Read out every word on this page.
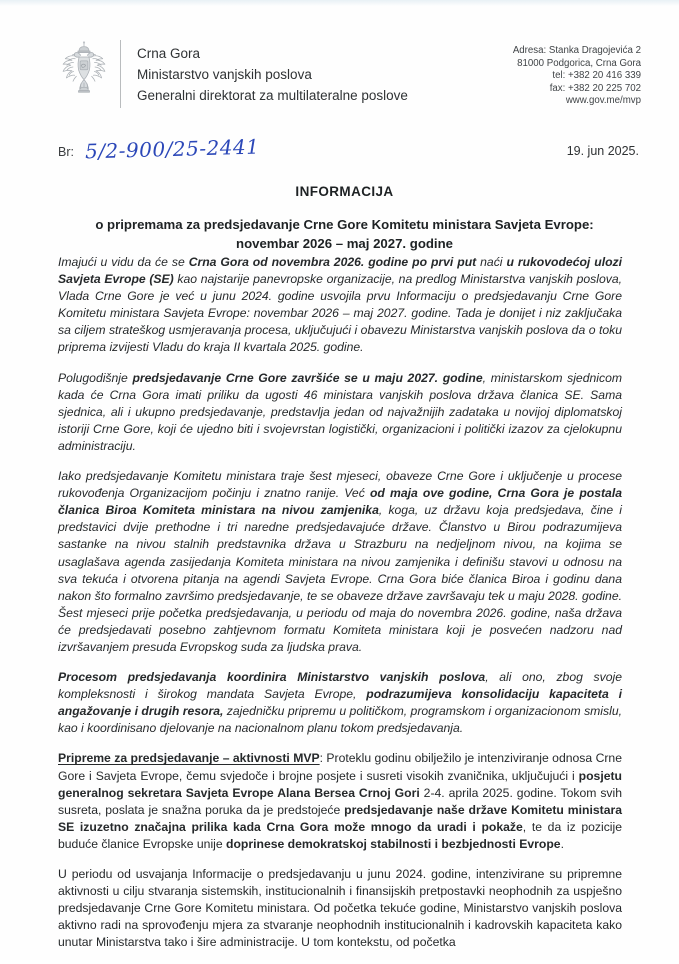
Crna Gora
Ministarstvo vanjskih poslova
Generalni direktorat za multilateralne poslove
Adresa: Stanka Dragojevića 2
81000 Podgorica, Crna Gora
tel: +382 20 416 339
fax: +382 20 225 702
www.gov.me/mvp
Br: 5/2-900/25-2441	19. jun 2025.
INFORMACIJA
o pripremama za predsjedavanje Crne Gore Komitetu ministara Savjeta Evrope:
novembar 2026 – maj 2027. godine

Imajući u vidu da će se Crna Gora od novembra 2026. godine po prvi put naći u rukovodećoj ulozi Savjeta Evrope (SE) kao najstarije panevropske organizacije, na predlog Ministarstva vanjskih poslova, Vlada Crne Gore je već u junu 2024. godine usvojila prvu Informaciju o predsjedavanju Crne Gore Komitetu ministara Savjeta Evrope: novembar 2026 – maj 2027. godine. Tada je donijet i niz zaključaka sa ciljem strateškog usmjeravanja procesa, uključujući i obavezu Ministarstva vanjskih poslova da o toku priprema izvijesti Vladu do kraja II kvartala 2025. godine.

Polugodišnje predsjedavanje Crne Gore završiće se u maju 2027. godine, ministarskom sjednicom kada će Crna Gora imati priliku da ugosti 46 ministara vanjskih poslova država članica SE. Sama sjednica, ali i ukupno predsjedavanje, predstavlja jedan od najvažnijih zadataka u novijoj diplomatskoj istoriji Crne Gore, koji će ujedno biti i svojevrstan logistički, organizacioni i politički izazov za cjelokupnu administraciju.

Iako predsjedavanje Komitetu ministara traje šest mjeseci, obaveze Crne Gore i uključenje u procese rukovođenja Organizacijom počinju i znatno ranije. Već od maja ove godine, Crna Gora je postala članica Biroa Komiteta ministara na nivou zamjenika, koga, uz državu koja predsjedava, čine i predstavici dvije prethodne i tri naredne predsjedavajuće države. Članstvo u Birou podrazumijeva sastanke na nivou stalnih predstavnika država u Strazburu na nedjeljnom nivou, na kojima se usaglašava agenda zasijedanja Komiteta ministara na nivou zamjenika i definišu stavovi u odnosu na sva tekuća i otvorena pitanja na agendi Savjeta Evrope. Crna Gora biće članica Biroa i godinu dana nakon što formalno završimo predsjedavanje, te se obaveze države završavaju tek u maju 2028. godine. Šest mjeseci prije početka predsjedavanja, u periodu od maja do novembra 2026. godine, naša država će predsjedavati posebno zahtjevnom formatu Komiteta ministara koji je posvećen nadzoru nad izvršavanjem presuda Evropskog suda za ljudska prava.

Procesom predsjedavanja koordinira Ministarstvo vanjskih poslova, ali ono, zbog svoje kompleksnosti i širokog mandata Savjeta Evrope, podrazumijeva konsolidaciju kapaciteta i angažovanje i drugih resora, zajedničku pripremu u političkom, programskom i organizacionom smislu, kao i koordinisano djelovanje na nacionalnom planu tokom predsjedavanja.

Pripreme za predsjedavanje – aktivnosti MVP: Proteklu godinu obilježilo je intenziviranje odnosa Crne Gore i Savjeta Evrope, čemu svjedoče i brojne posjete i susreti visokih zvaničnika, uključujući i posjetu generalnog sekretara Savjeta Evrope Alana Bersea Crnoj Gori 2-4. aprila 2025. godine. Tokom svih susreta, poslata je snažna poruka da je predstojeće predsjedavanje naše države Komitetu ministara SE izuzetno značajna prilika kada Crna Gora može mnogo da uradi i pokaže, te da iz pozicije buduće članice Evropske unije doprinese demokratskoj stabilnosti i bezbjednosti Evrope.

U periodu od usvajanja Informacije o predsjedavanju u junu 2024. godine, intenzivirane su pripremne aktivnosti u cilju stvaranja sistemskih, institucionalnih i finansijskih pretpostavki neophodnih za uspješno predsjedavanje Crne Gore Komitetu ministara. Od početka tekuće godine, Ministarstvo vanjskih poslova aktivno radi na sprovođenju mjera za stvaranje neophodnih institucionalnih i kadrovskih kapaciteta kako unutar Ministarstva tako i šire administracije. U tom kontekstu, od početka
